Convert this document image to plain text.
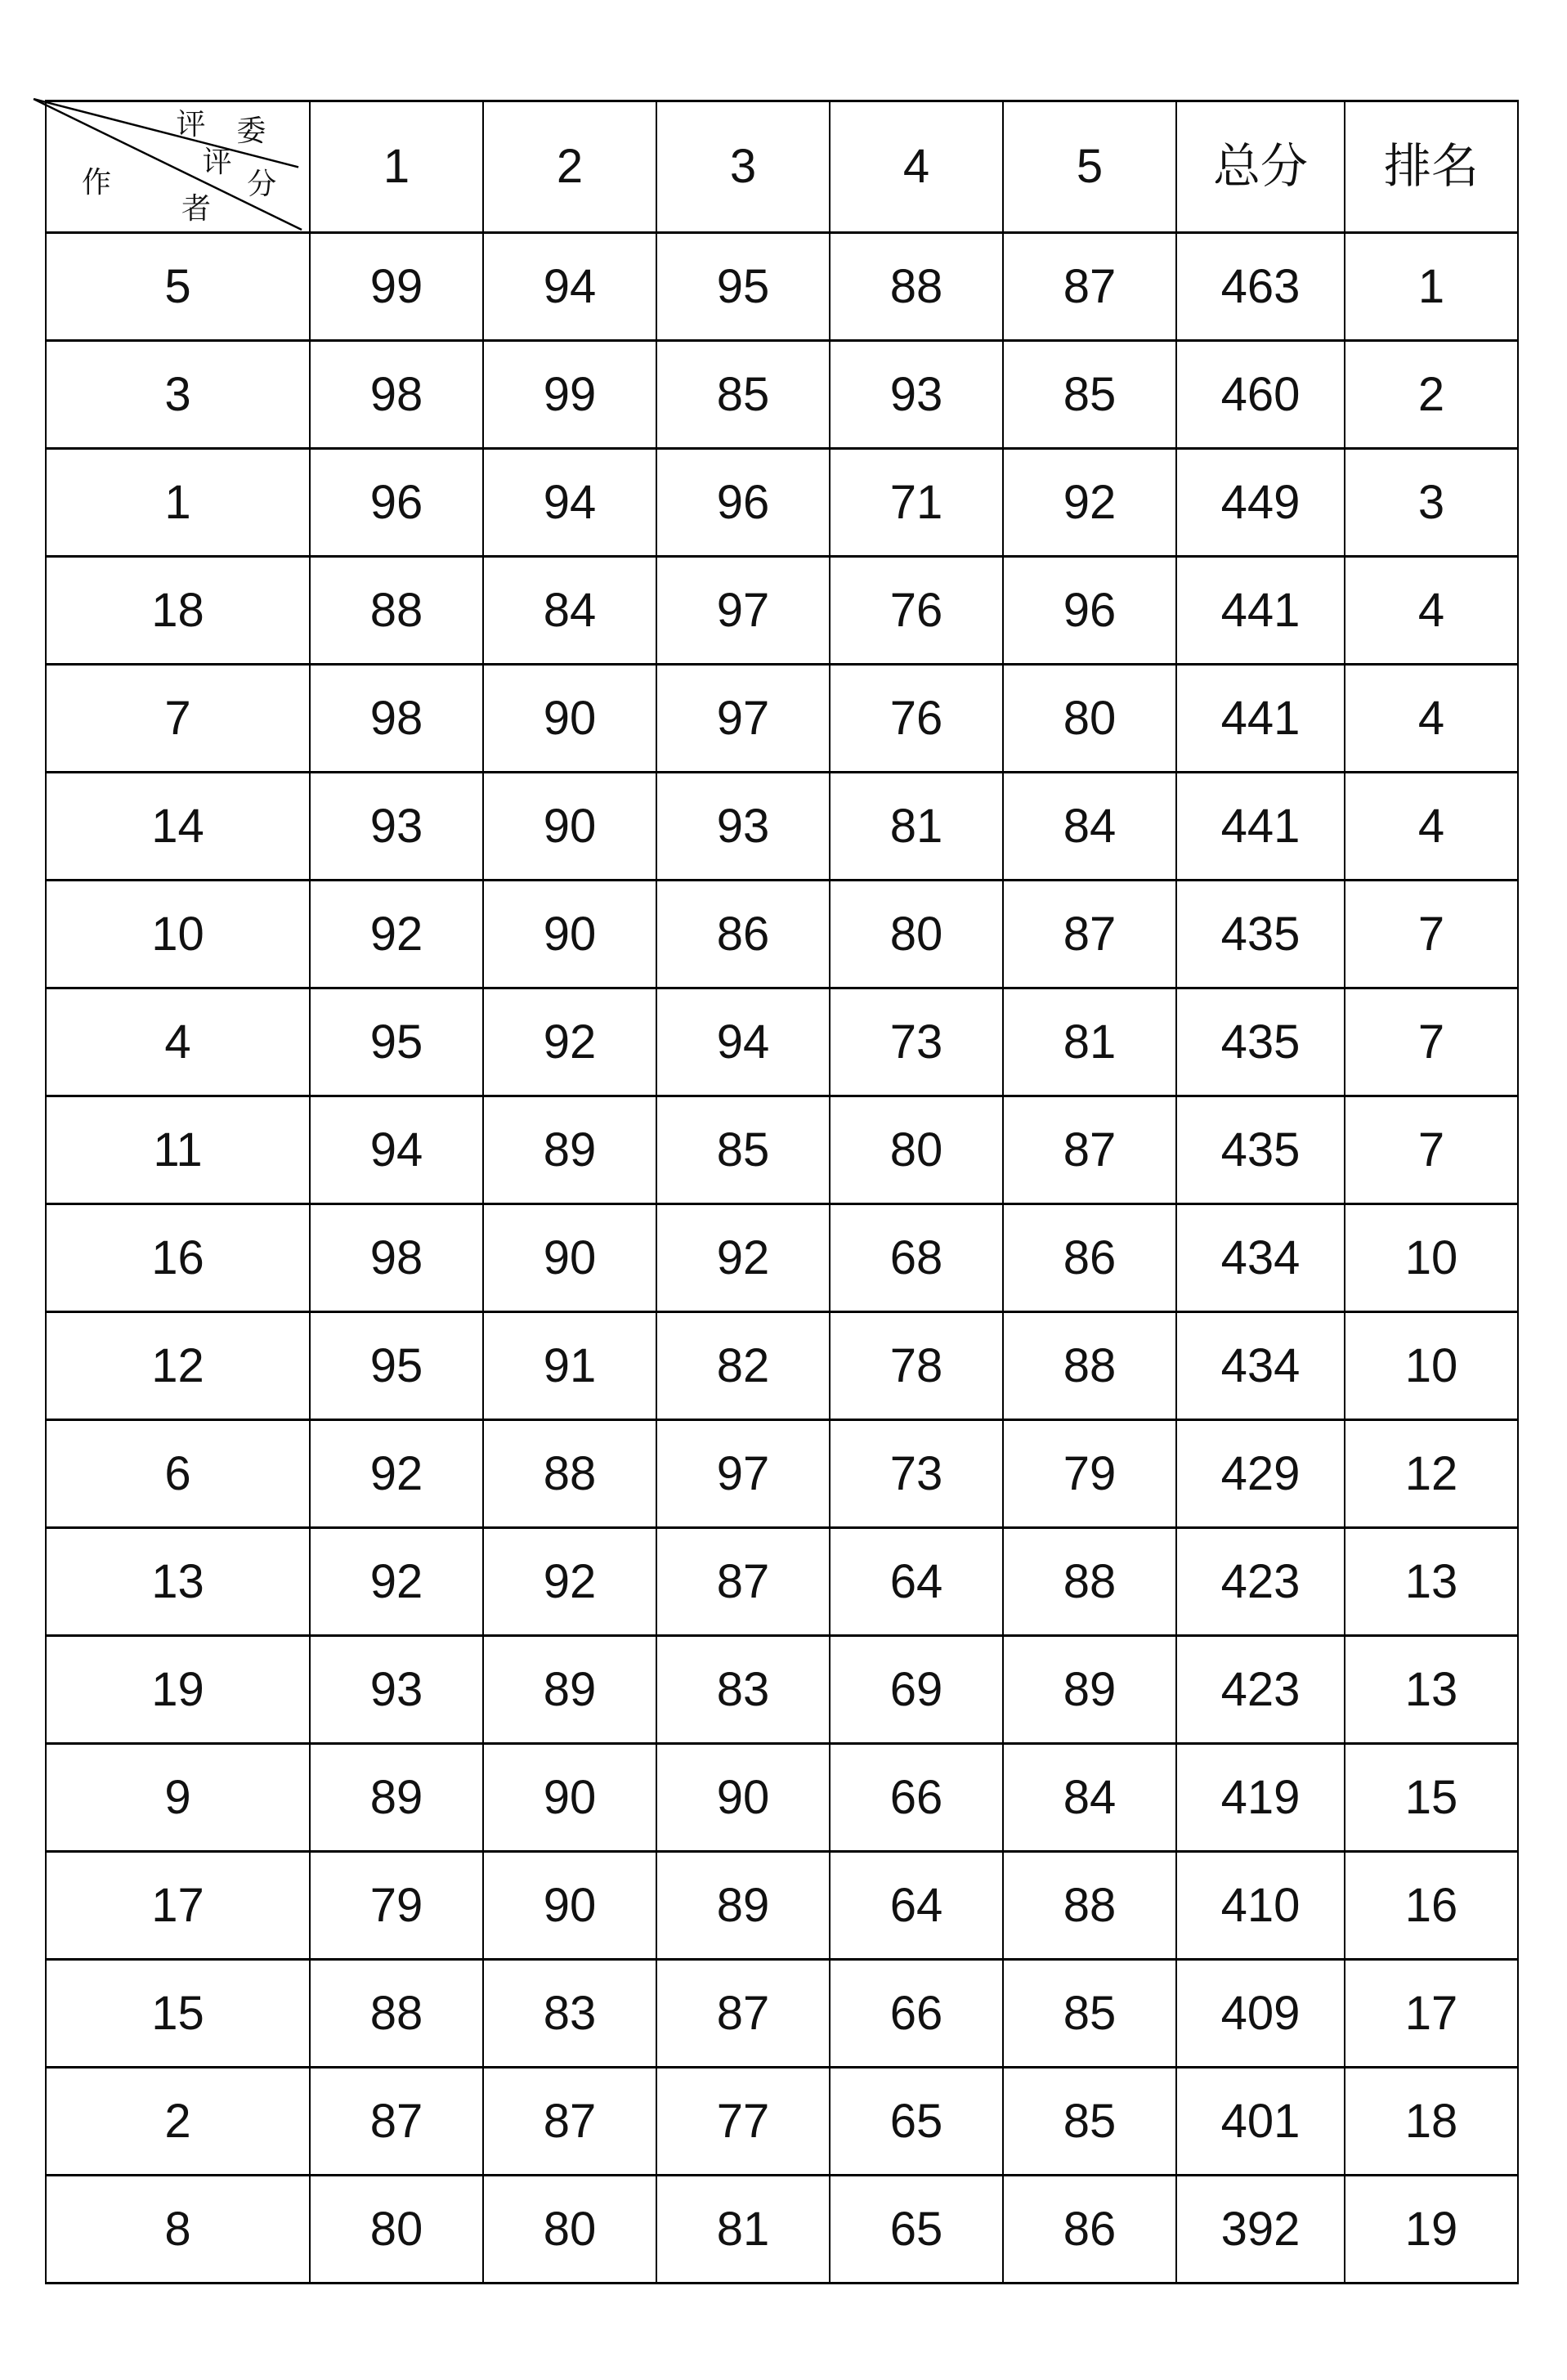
评 委
评
分
作
者
	1	2	3	4	5	总分	排名
5	99	94	95	88	87	463	1
3	98	99	85	93	85	460	2
1	96	94	96	71	92	449	3
18	88	84	97	76	96	441	4
7	98	90	97	76	80	441	4
14	93	90	93	81	84	441	4
10	92	90	86	80	87	435	7
4	95	92	94	73	81	435	7
11	94	89	85	80	87	435	7
16	98	90	92	68	86	434	10
12	95	91	82	78	88	434	10
6	92	88	97	73	79	429	12
13	92	92	87	64	88	423	13
19	93	89	83	69	89	423	13
9	89	90	90	66	84	419	15
17	79	90	89	64	88	410	16
15	88	83	87	66	85	409	17
2	87	87	77	65	85	401	18
8	80	80	81	65	86	392	19
